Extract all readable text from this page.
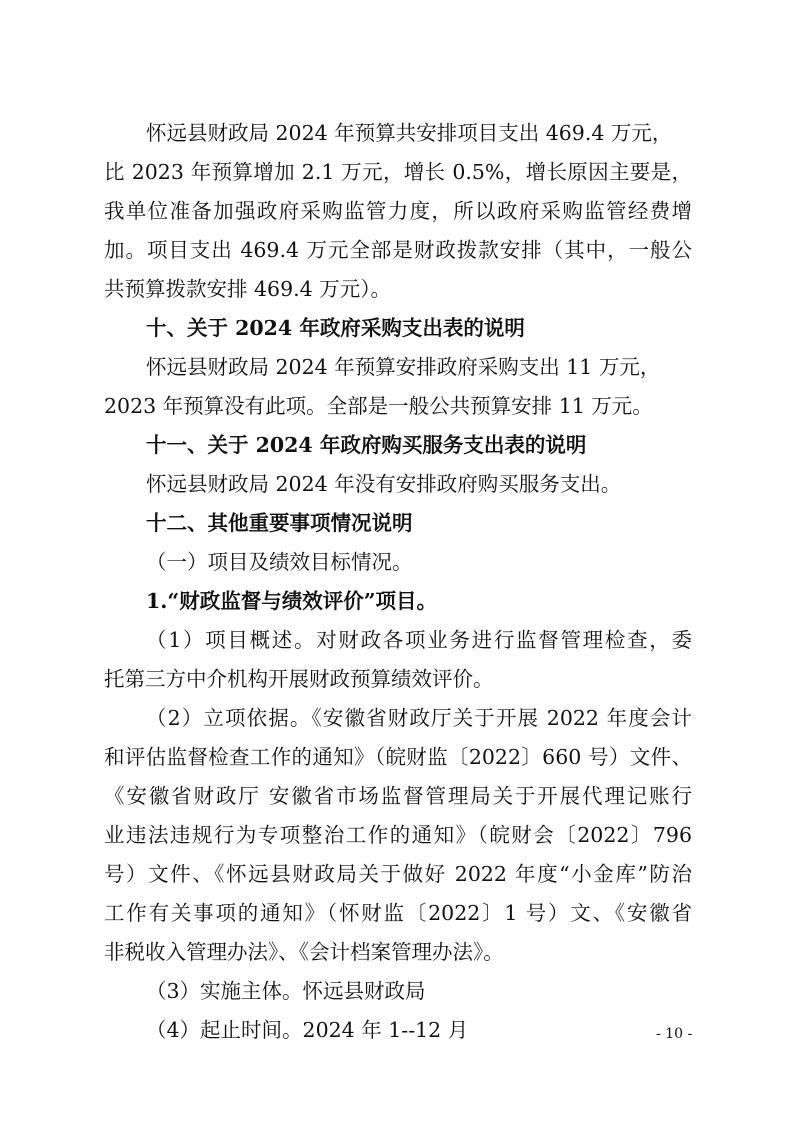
怀远县财政局 2024 年预算共安排项目支出 469.4 万元，
比 2023 年预算增加 2.1 万元，增长 0.5%，增长原因主要是，
我单位准备加强政府采购监管力度，所以政府采购监管经费增
加。项目支出 469.4 万元全部是财政拨款安排（其中，一般公
共预算拨款安排 469.4 万元）。
十、关于 2024 年政府采购支出表的说明
怀远县财政局 2024 年预算安排政府采购支出 11 万元，
2023 年预算没有此项。全部是一般公共预算安排 11 万元。
十一、关于 2024 年政府购买服务支出表的说明
怀远县财政局 2024 年没有安排政府购买服务支出。
十二、其他重要事项情况说明
（一）项目及绩效目标情况。
1.“财政监督与绩效评价”项目。
（1）项目概述。对财政各项业务进行监督管理检查，委
托第三方中介机构开展财政预算绩效评价。
（2）立项依据。《安徽省财政厅关于开展 2022 年度会计
和评估监督检查工作的通知》（皖财监〔2022〕660 号）文件、
《安徽省财政厅 安徽省市场监督管理局关于开展代理记账行
业违法违规行为专项整治工作的通知》（皖财会〔2022〕796
号）文件、《怀远县财政局关于做好 2022 年度“小金库”防治
工作有关事项的通知》（怀财监〔2022〕1 号）文、《安徽省
非税收入管理办法》、《会计档案管理办法》。
（3）实施主体。怀远县财政局
（4）起止时间。2024 年 1--12 月	- 10 -
